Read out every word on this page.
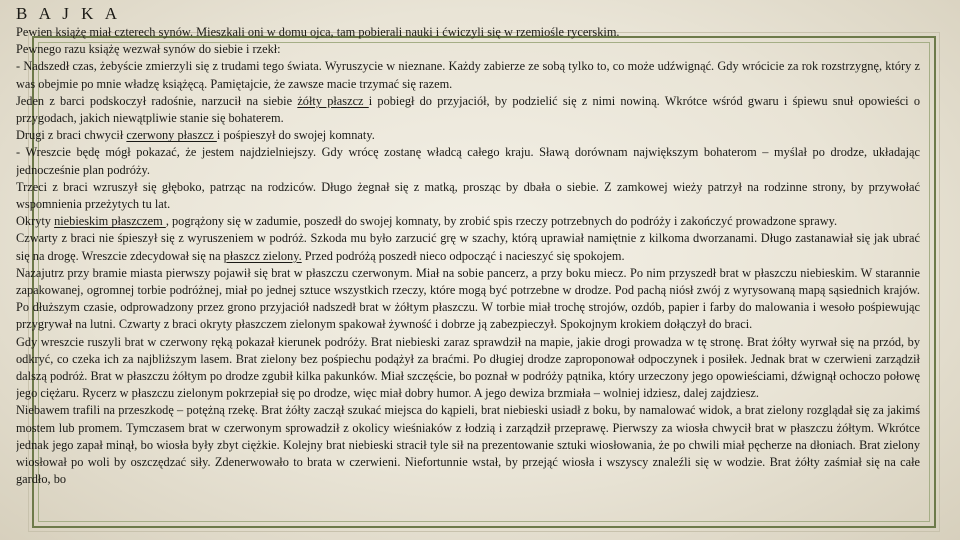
B A J K A

Pewien książę miał czterech synów. Mieszkali oni w domu ojca, tam pobierali nauki i ćwiczyli się w rzemiośle rycerskim.

Pewnego razu książę wezwał synów do siebie i rzekł:

- Nadszedł czas, żebyście zmierzyli się z trudami tego świata. Wyruszycie w nieznane. Każdy zabierze ze sobą tylko to, co może udźwignąć. Gdy wrócicie za rok rozstrzygnę, który z was obejmie po mnie władzę książęcą. Pamiętajcie, że zawsze macie trzymać się razem.

Jeden z barci podskoczył radośnie, narzucił na siebie żółty płaszcz i pobiegł do przyjaciół, by podzielić się z nimi nowiną. Wkrótce wśród gwaru i śpiewu snuł opowieści o przygodach, jakich niewątpliwie stanie się bohaterem.

Drugi z braci chwycił czerwony płaszcz i pośpieszył do swojej komnaty.

- Wreszcie będę mógł pokazać, że jestem najdzielniejszy. Gdy wrócę zostanę władcą całego kraju. Sławą dorównam największym bohaterom – myślał po drodze, układając jednocześnie plan podróży.

Trzeci z braci wzruszył się głęboko, patrząc na rodziców. Długo żegnał się z matką, prosząc by dbała o siebie. Z zamkowej wieży patrzył na rodzinne strony, by przywołać wspomnienia przeżytych tu lat.

Okryty niebieskim płaszczem , pogrążony się w zadumie, poszedł do swojej komnaty, by zrobić spis rzeczy potrzebnych do podróży i zakończyć prowadzone sprawy.

Czwarty z braci nie śpieszył się z wyruszeniem w podróż. Szkoda mu było zarzucić grę w szachy, którą uprawiał namiętnie z kilkoma dworzanami. Długo zastanawiał się jak ubrać się na drogę. Wreszcie zdecydował się na płaszcz zielony. Przed podróżą poszedł nieco odpocząć i nacieszyć się spokojem.

Nazajutrz przy bramie miasta pierwszy pojawił się brat w płaszczu czerwonym. Miał na sobie pancerz, a przy boku miecz. Po nim przyszedł brat w płaszczu niebieskim. W starannie zapakowanej, ogromnej torbie podróżnej, miał po jednej sztuce wszystkich rzeczy, które mogą być potrzebne w drodze. Pod pachą niósł zwój z wyrysowaną mapą sąsiednich krajów. Po dłuższym czasie, odprowadzony przez grono przyjaciół nadszedł brat w żółtym płaszczu. W torbie miał trochę strojów, ozdób, papier i farby do malowania i wesoło pośpiewując przygrywał na lutni. Czwarty z braci okryty płaszczem zielonym spakował żywność i dobrze ją zabezpieczył. Spokojnym krokiem dołączył do braci.

Gdy wreszcie ruszyli brat w czerwony ręką pokazał kierunek podróży. Brat niebieski zaraz sprawdził na mapie, jakie drogi prowadza w tę stronę. Brat żółty wyrwał się na przód, by odkryć, co czeka ich za najbliższym lasem. Brat zielony bez pośpiechu podążył za braćmi. Po długiej drodze zaproponował odpoczynek i posiłek. Jednak brat w czerwieni zarządził dalszą podróż. Brat w płaszczu żółtym po drodze zgubił kilka pakunków. Miał szczęście, bo poznał w podróży pątnika, który urzeczony jego opowieściami, dźwignął ochoczo połowę jego ciężaru. Rycerz w płaszczu zielonym pokrzepiał się po drodze, więc miał dobry humor. A jego dewiza brzmiała – wolniej idziesz, dalej zajdziesz.

Niebawem trafili na przeszkodę – potężną rzekę. Brat żółty zaczął szukać miejsca do kąpieli, brat niebieski usiadł z boku, by namalować widok, a brat zielony rozglądał się za jakimś mostem lub promem. Tymczasem brat w czerwonym sprowadził z okolicy wieśniaków z łodzią i zarządził przeprawę. Pierwszy za wiosła chwycił brat w płaszczu żółtym. Wkrótce jednak jego zapał minął, bo wiosła były zbyt ciężkie. Kolejny brat niebieski stracił tyle sił na prezentowanie sztuki wiosłowania, że po chwili miał pęcherze na dłoniach. Brat zielony wiosłował po woli by oszczędzać siły. Zdenerwowało to brata w czerwieni. Niefortunnie wstał, by przejąć wiosła i wszyscy znaleźli się w wodzie. Brat żółty zaśmiał się na całe gardło, bo
